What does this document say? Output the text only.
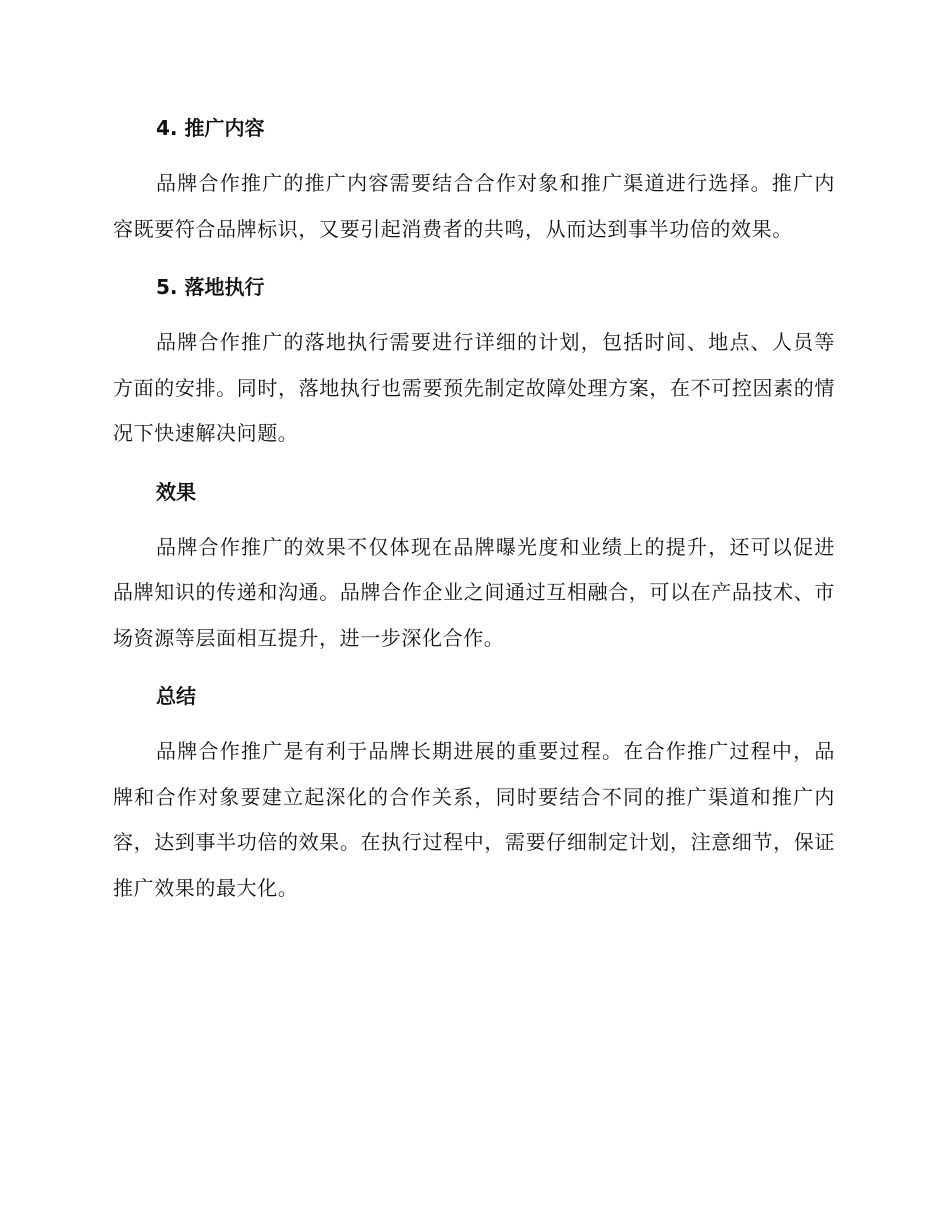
4. 推广内容

品牌合作推广的推广内容需要结合合作对象和推广渠道进行选择。推广内容既要符合品牌标识，又要引起消费者的共鸣，从而达到事半功倍的效果。

5. 落地执行

品牌合作推广的落地执行需要进行详细的计划，包括时间、地点、人员等方面的安排。同时，落地执行也需要预先制定故障处理方案，在不可控因素的情况下快速解决问题。

效果

品牌合作推广的效果不仅体现在品牌曝光度和业绩上的提升，还可以促进品牌知识的传递和沟通。品牌合作企业之间通过互相融合，可以在产品技术、市场资源等层面相互提升，进一步深化合作。

总结

品牌合作推广是有利于品牌长期进展的重要过程。在合作推广过程中，品牌和合作对象要建立起深化的合作关系，同时要结合不同的推广渠道和推广内容，达到事半功倍的效果。在执行过程中，需要仔细制定计划，注意细节，保证推广效果的最大化。
